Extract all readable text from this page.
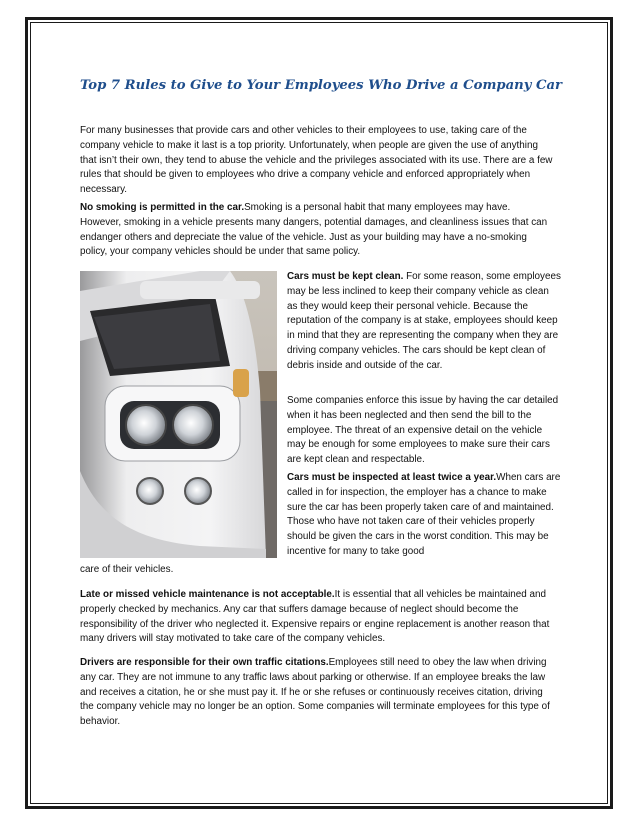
Top 7 Rules to Give to Your Employees Who Drive a Company Car

For many businesses that provide cars and other vehicles to their employees to use, taking care of the company vehicle to make it last is a top priority. Unfortunately, when people are given the use of anything that isn’t their own, they tend to abuse the vehicle and the privileges associated with its use. There are a few rules that should be given to employees who drive a company vehicle and enforced appropriately when necessary.

No smoking is permitted in the car.Smoking is a personal habit that many employees may have. However, smoking in a vehicle presents many dangers, potential damages, and cleanliness issues that can endanger others and depreciate the value of the vehicle. Just as your building may have a no-smoking policy, your company vehicles should be under that same policy.

Cars must be kept clean. For some reason, some employees may be less inclined to keep their company vehicle as clean as they would keep their personal vehicle. Because the reputation of the company is at stake, employees should keep in mind that they are representing the company when they are driving company vehicles. The cars should be kept clean of debris inside and outside of the car.

Some companies enforce this issue by having the car detailed when it has been neglected and then send the bill to the employee. The threat of an expensive detail on the vehicle may be enough for some employees to make sure their cars are kept clean and respectable.

Cars must be inspected at least twice a year.When cars are called in for inspection, the employer has a chance to make sure the car has been properly taken care of and maintained. Those who have not taken care of their vehicles properly should be given the cars in the worst condition. This may be incentive for many to take good

care of their vehicles.

Late or missed vehicle maintenance is not acceptable.It is essential that all vehicles be maintained and properly checked by mechanics. Any car that suffers damage because of neglect should become the responsibility of the driver who neglected it. Expensive repairs or engine replacement is another reason that many drivers will stay motivated to take care of the company vehicles.

Drivers are responsible for their own traffic citations.Employees still need to obey the law when driving any car. They are not immune to any traffic laws about parking or otherwise. If an employee breaks the law and receives a citation, he or she must pay it. If he or she refuses or continuously receives citation, driving the company vehicle may no longer be an option. Some companies will terminate employees for this type of behavior.
